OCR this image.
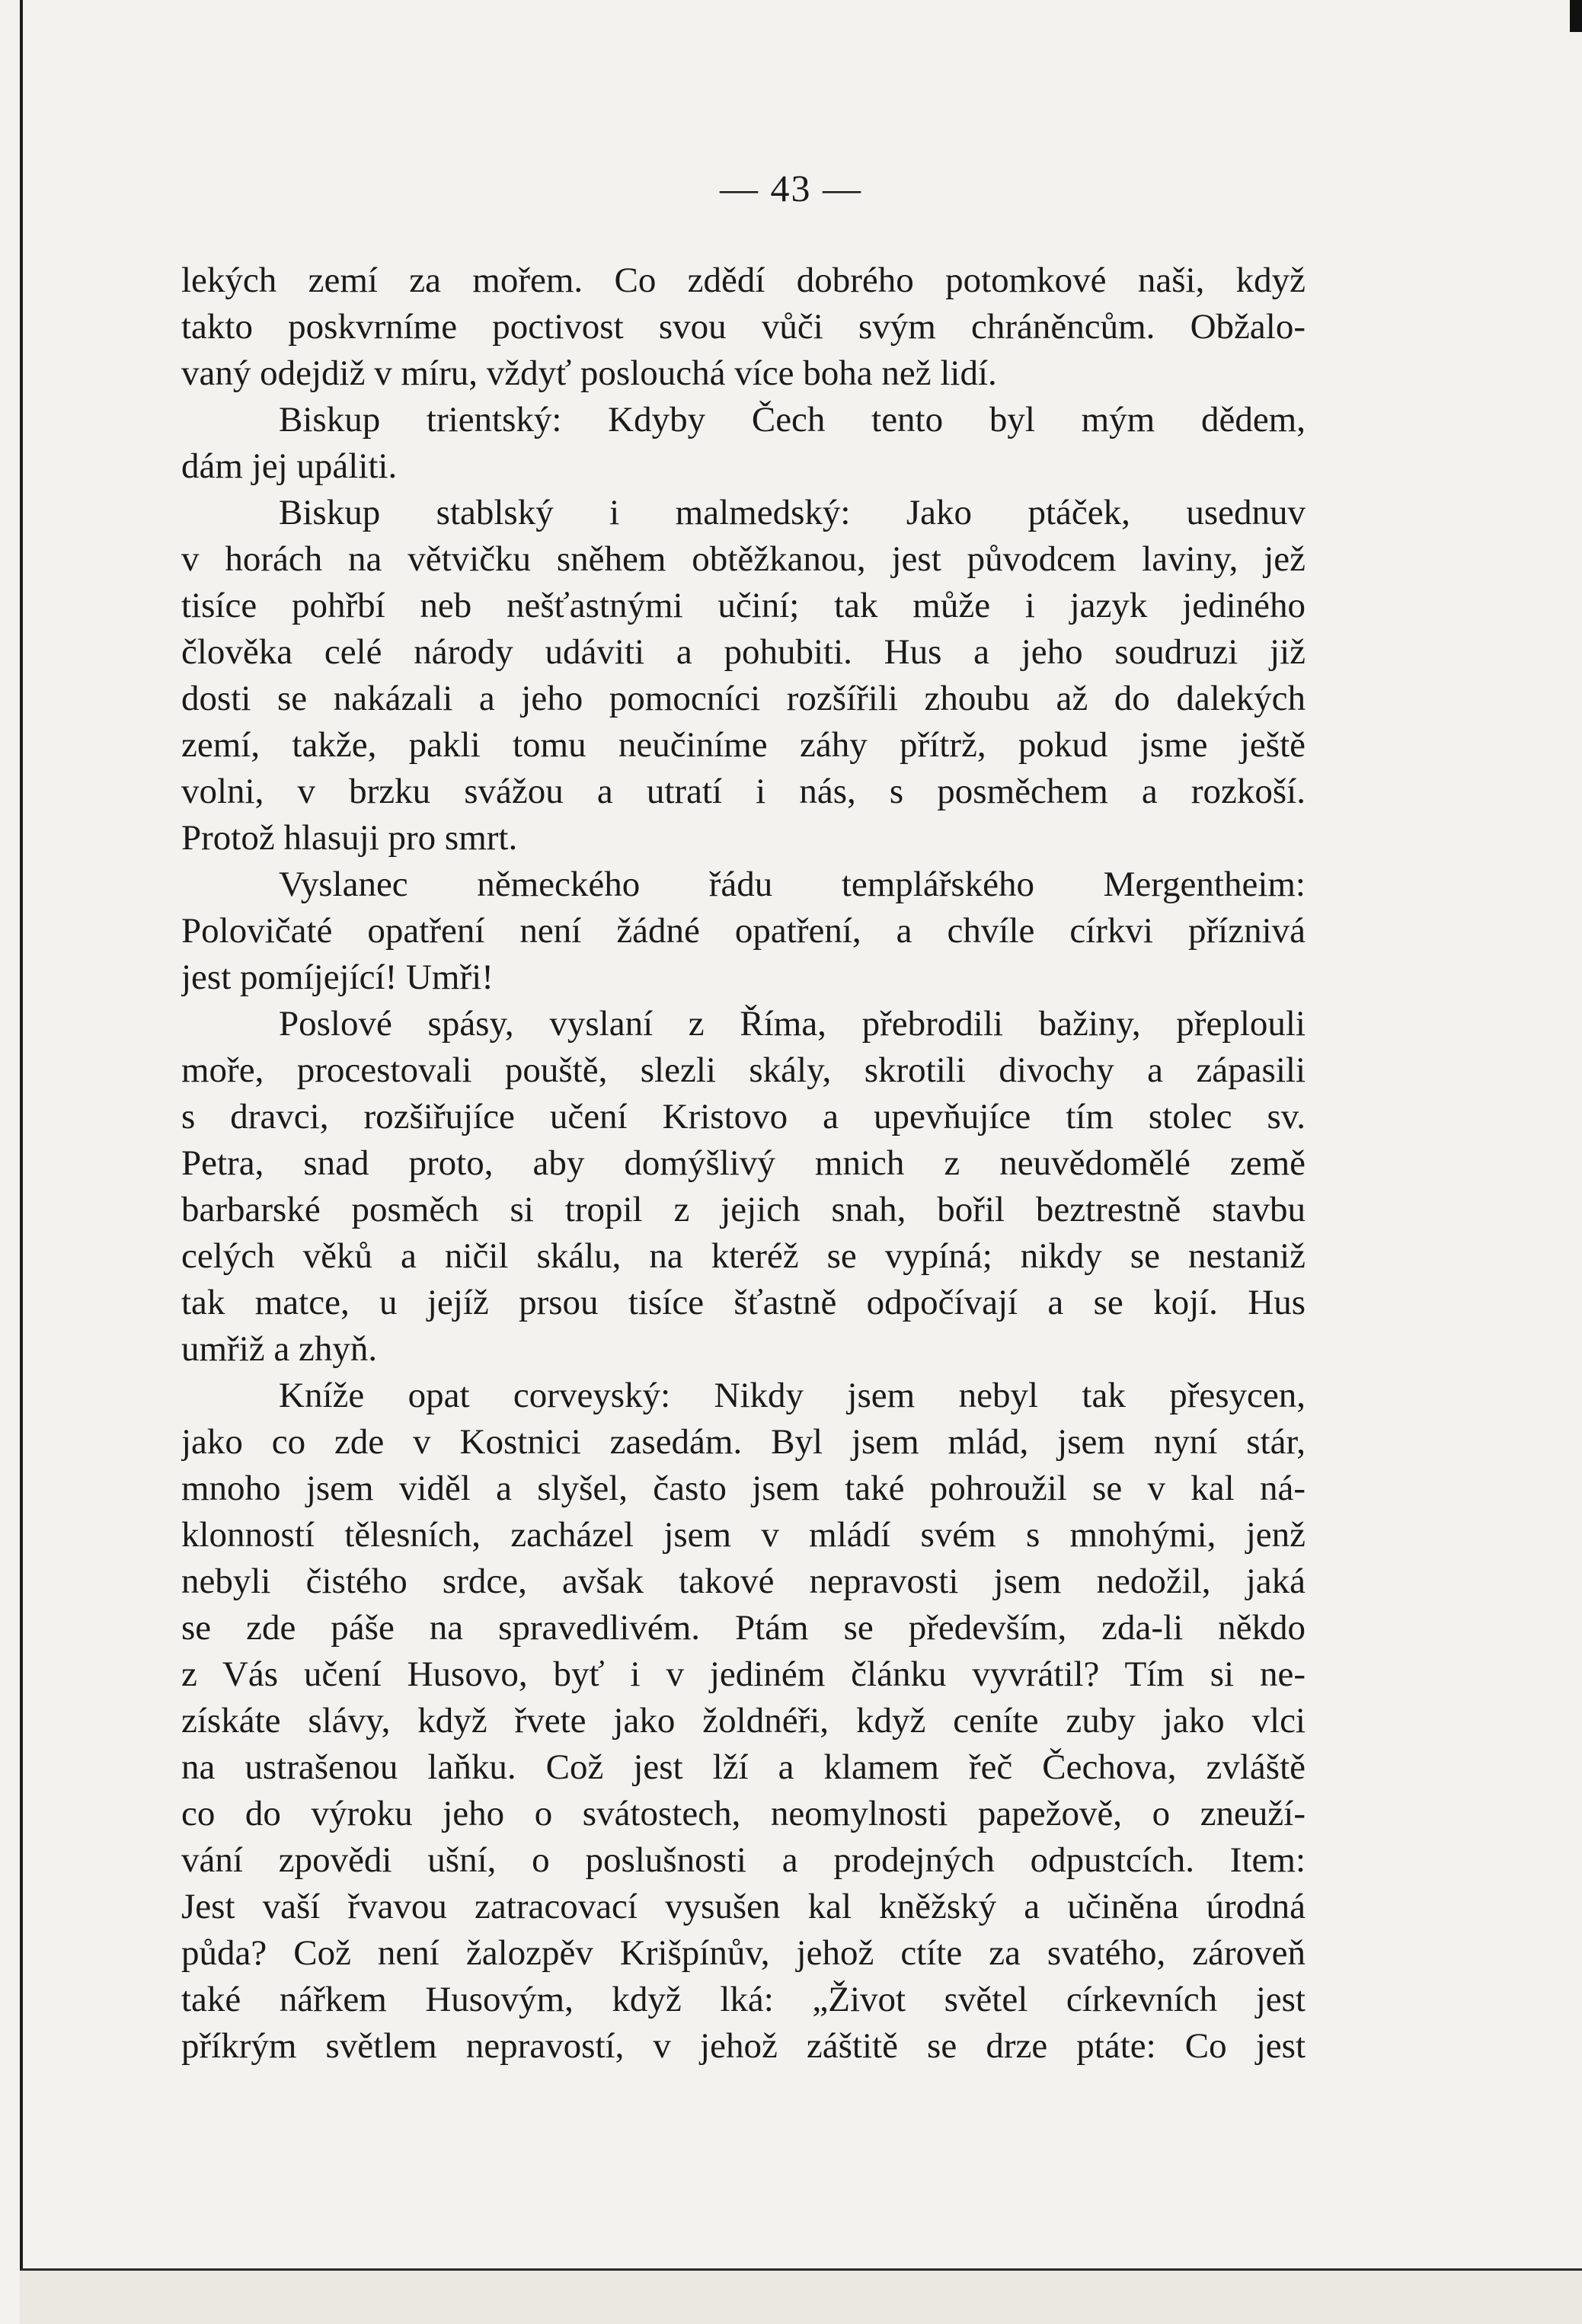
— 43 —
lekých zemí za mořem. Co zdědí dobrého potomkové naši, když
takto poskvrníme poctivost svou vůči svým chráněncům. Obžalo-
vaný odejdiž v míru, vždyť poslouchá více boha než lidí.
Biskup trientský: Kdyby Čech tento byl mým dědem,
dám jej upáliti.
Biskup stablský i malmedský: Jako ptáček, usednuv
v horách na větvičku sněhem obtěžkanou, jest původcem laviny, jež
tisíce pohřbí neb nešťastnými učiní; tak může i jazyk jediného
člověka celé národy udáviti a pohubiti. Hus a jeho soudruzi již
dosti se nakázali a jeho pomocníci rozšířili zhoubu až do dalekých
zemí, takže, pakli tomu neučiníme záhy přítrž, pokud jsme ještě
volni, v brzku svážou a utratí i nás, s posměchem a rozkoší.
Protož hlasuji pro smrt.
Vyslanec německého řádu templářského Mergentheim:
Polovičaté opatření není žádné opatření, a chvíle církvi příznivá
jest pomíjející! Umři!
Poslové spásy, vyslaní z Říma, přebrodili bažiny, přeplouli
moře, procestovali pouště, slezli skály, skrotili divochy a zápasili
s dravci, rozšiřujíce učení Kristovo a upevňujíce tím stolec sv.
Petra, snad proto, aby domýšlivý mnich z neuvědomělé země
barbarské posměch si tropil z jejich snah, bořil beztrestně stavbu
celých věků a ničil skálu, na kteréž se vypíná; nikdy se nestaniž
tak matce, u jejíž prsou tisíce šťastně odpočívají a se kojí. Hus
umřiž a zhyň.
Kníže opat corveyský: Nikdy jsem nebyl tak přesycen,
jako co zde v Kostnici zasedám. Byl jsem mlád, jsem nyní stár,
mnoho jsem viděl a slyšel, často jsem také pohroužil se v kal ná-
klonností tělesních, zacházel jsem v mládí svém s mnohými, jenž
nebyli čistého srdce, avšak takové nepravosti jsem nedožil, jaká
se zde páše na spravedlivém. Ptám se především, zda-li někdo
z Vás učení Husovo, byť i v jediném článku vyvrátil? Tím si ne-
získáte slávy, když řvete jako žoldnéři, když ceníte zuby jako vlci
na ustrašenou laňku. Což jest lží a klamem řeč Čechova, zvláště
co do výroku jeho o svátostech, neomylnosti papežově, o zneuží-
vání zpovědi ušní, o poslušnosti a prodejných odpustcích. Item:
Jest vaší řvavou zatracovací vysušen kal kněžský a učiněna úrodná
půda? Což není žalozpěv Krišpínův, jehož ctíte za svatého, zároveň
také nářkem Husovým, když lká: „Život světel církevních jest
příkrým světlem nepravostí, v jehož záštitě se drze ptáte: Co jest
